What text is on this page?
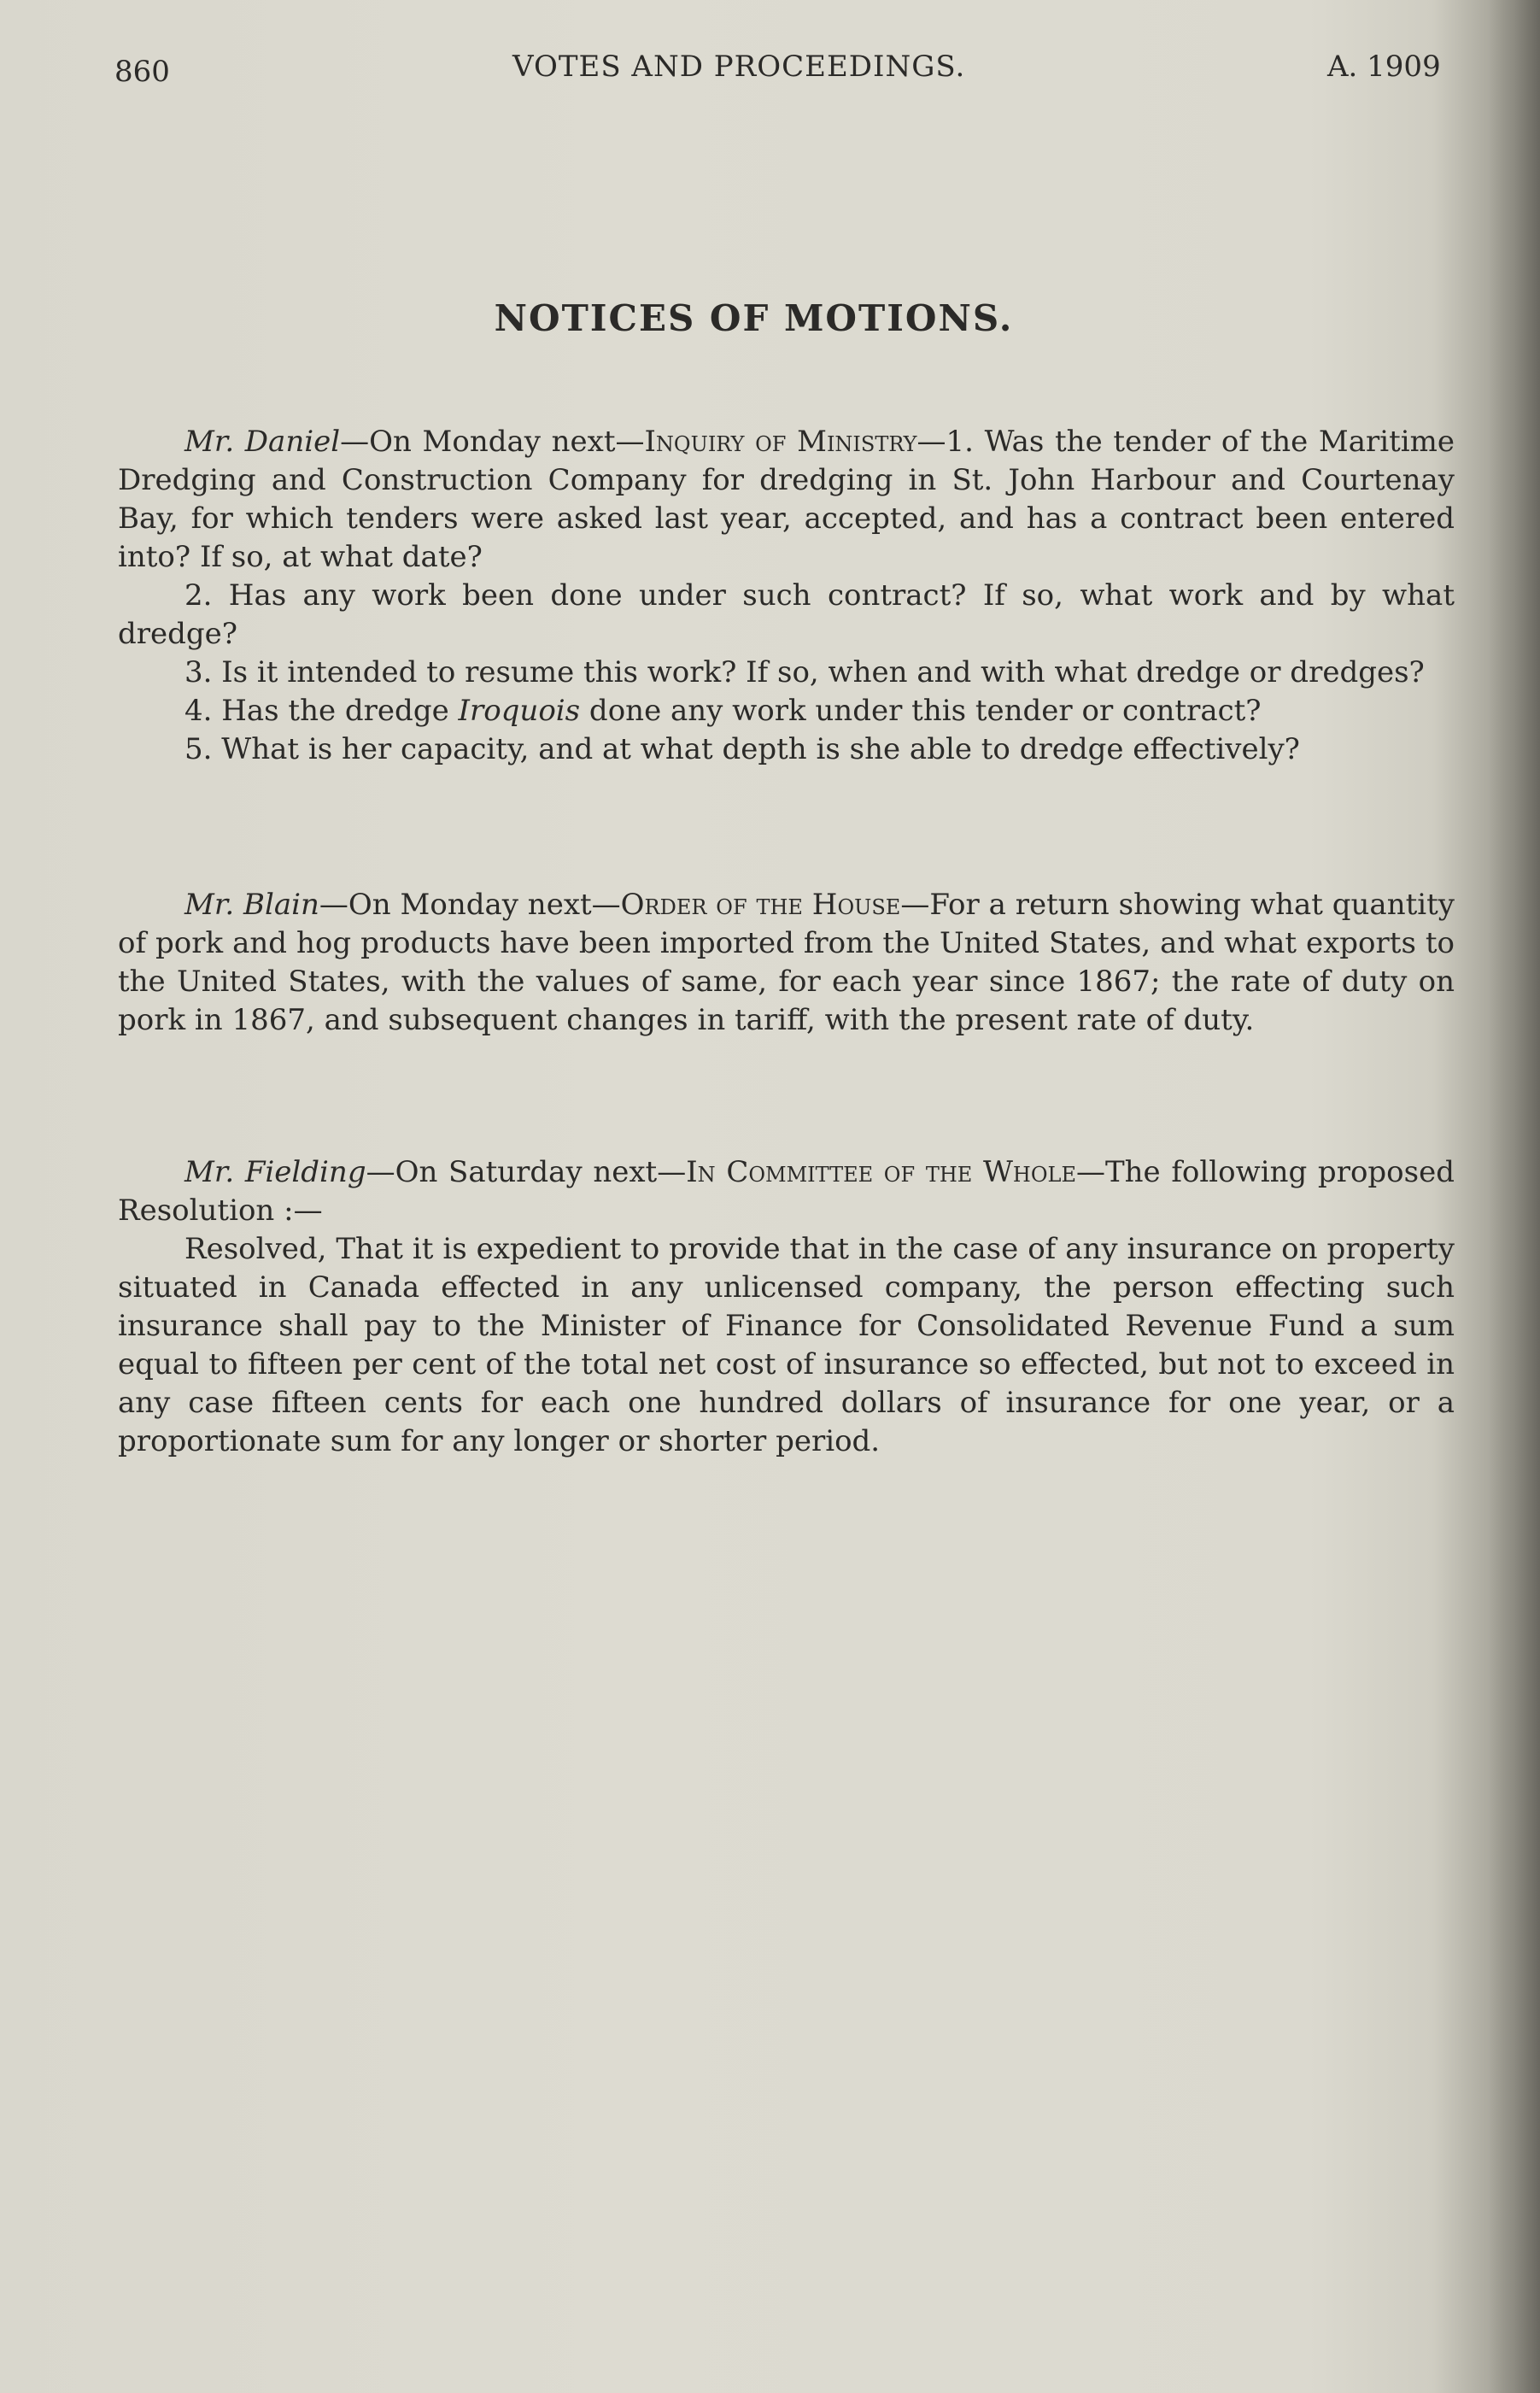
860	VOTES AND PROCEEDINGS.	A. 1909
NOTICES OF MOTIONS.

Mr. Daniel—On Monday next—Inquiry of Ministry—1. Was the tender of the Maritime Dredging and Construction Company for dredging in St. John Harbour and Courtenay Bay, for which tenders were asked last year, accepted, and has a contract been entered into? If so, at what date?

2. Has any work been done under such contract? If so, what work and by what dredge?

3. Is it intended to resume this work? If so, when and with what dredge or dredges?

4. Has the dredge Iroquois done any work under this tender or contract?

5. What is her capacity, and at what depth is she able to dredge effectively?

Mr. Blain—On Monday next—Order of the House—For a return showing what quantity of pork and hog products have been imported from the United States, and what exports to the United States, with the values of same, for each year since 1867; the rate of duty on pork in 1867, and subsequent changes in tariff, with the present rate of duty.

Mr. Fielding—On Saturday next—In Committee of the Whole—The following proposed Resolution :—

Resolved, That it is expedient to provide that in the case of any insurance on property situated in Canada effected in any unlicensed company, the person effecting such insurance shall pay to the Minister of Finance for Consolidated Revenue Fund a sum equal to fifteen per cent of the total net cost of insurance so effected, but not to exceed in any case fifteen cents for each one hundred dollars of insurance for one year, or a proportionate sum for any longer or shorter period.
